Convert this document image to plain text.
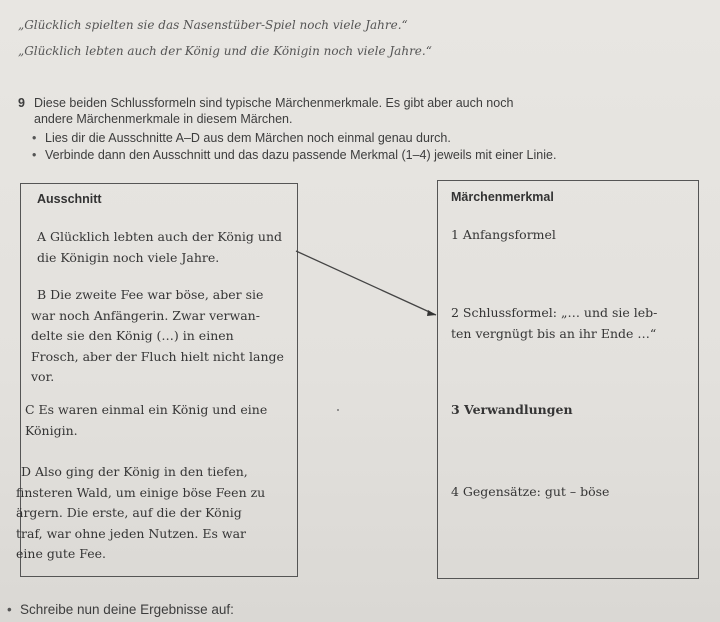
„Glücklich spielten sie das Nasenstüber-Spiel noch viele Jahre.“
„Glücklich lebten auch der König und die Königin noch viele Jahre.“
9 Diese beiden Schlussformeln sind typische Märchenmerkmale. Es gibt aber auch noch
andere Märchenmerkmale in diesem Märchen.
• Lies dir die Ausschnitte A–D aus dem Märchen noch einmal genau durch.
• Verbinde dann den Ausschnitt und das dazu passende Merkmal (1–4) jeweils mit einer Linie.
Ausschnitt
A Glücklich lebten auch der König und
die Königin noch viele Jahre.
B Die zweite Fee war böse, aber sie
war noch Anfängerin. Zwar verwan-
delte sie den König (…) in einen
Frosch, aber der Fluch hielt nicht lange
vor.
C Es waren einmal ein König und eine
Königin.
D Also ging der König in den tiefen,
finsteren Wald, um einige böse Feen zu
ärgern. Die erste, auf die der König
traf, war ohne jeden Nutzen. Es war
eine gute Fee.
Märchenmerkmal
1 Anfangsformel
2 Schlussformel: „… und sie leb-
ten vergnügt bis an ihr Ende …“
3 Verwandlungen
4 Gegensätze: gut – böse
• Schreibe nun deine Ergebnisse auf:
